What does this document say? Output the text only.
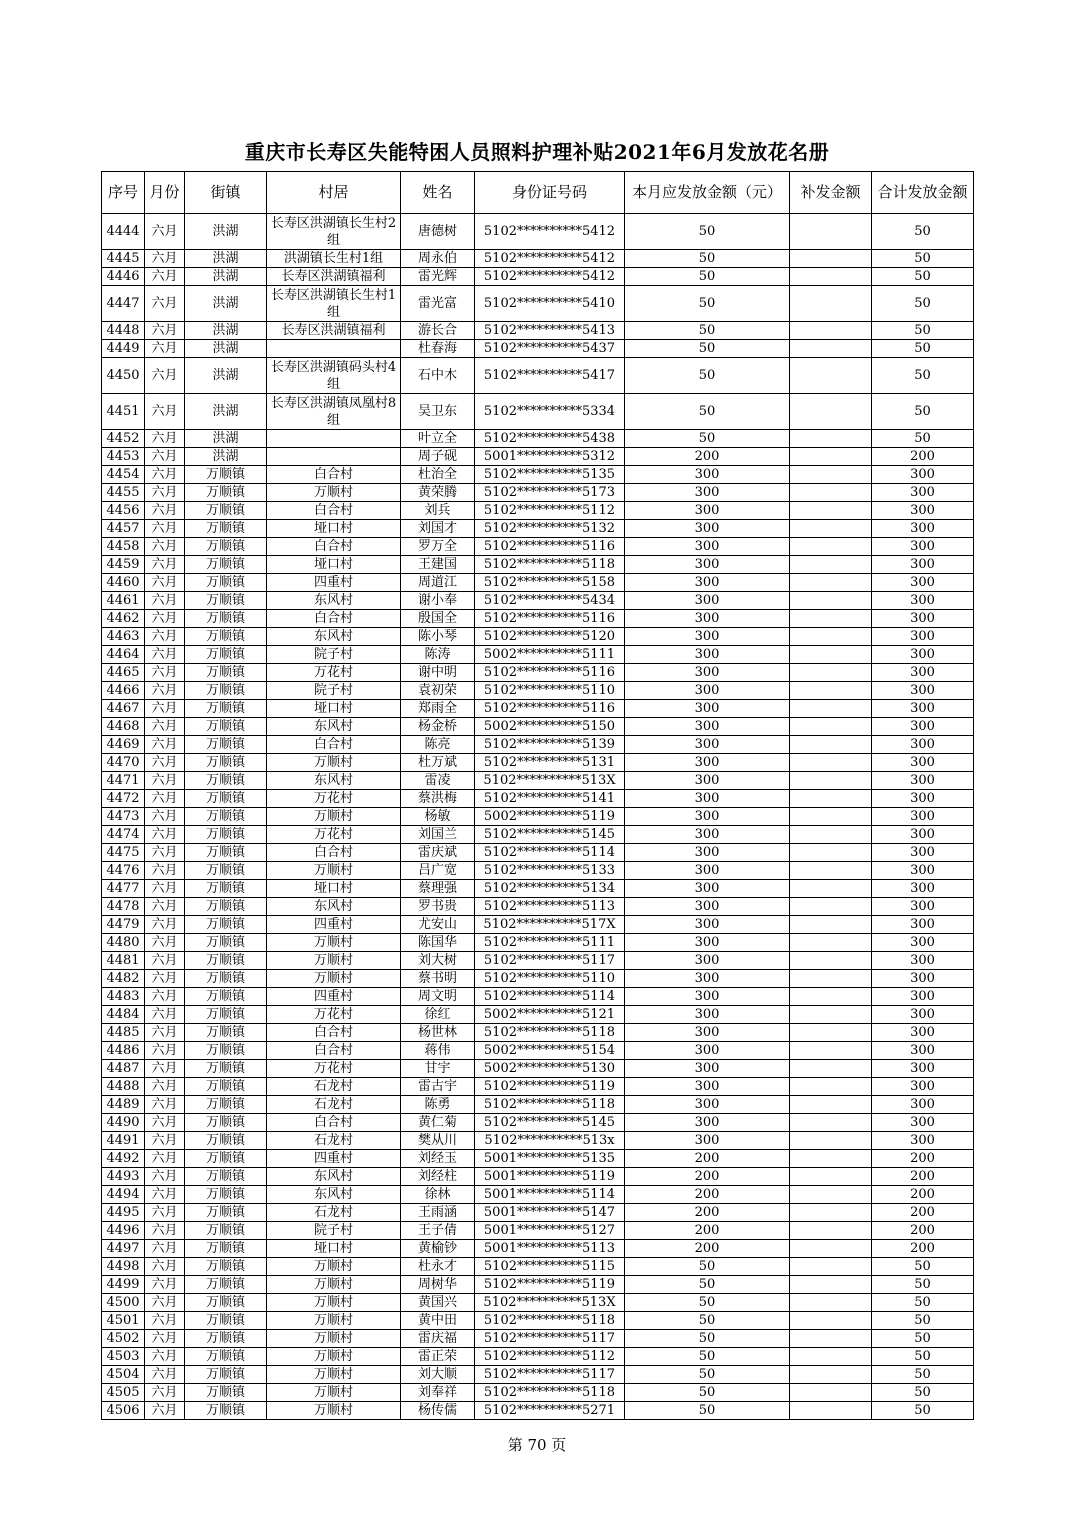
重庆市长寿区失能特困人员照料护理补贴2021年6月发放花名册
序号	月份	街镇	村居	姓名	身份证号码	本月应发放金额（元）	补发金额	合计发放金额
4444	六月	洪湖	长寿区洪湖镇长生村2组	唐德树	5102**********5412	50		50
4445	六月	洪湖	洪湖镇长生村1组	周永伯	5102**********5412	50		50
4446	六月	洪湖	长寿区洪湖镇福利	雷光辉	5102**********5412	50		50
4447	六月	洪湖	长寿区洪湖镇长生村1组	雷光富	5102**********5410	50		50
4448	六月	洪湖	长寿区洪湖镇福利	游长合	5102**********5413	50		50
4449	六月	洪湖		杜春海	5102**********5437	50		50
4450	六月	洪湖	长寿区洪湖镇码头村4组	石中木	5102**********5417	50		50
4451	六月	洪湖	长寿区洪湖镇凤凰村8组	吴卫东	5102**********5334	50		50
4452	六月	洪湖		叶立全	5102**********5438	50		50
4453	六月	洪湖		周子砚	5001**********5312	200		200
4454	六月	万顺镇	白合村	杜治全	5102**********5135	300		300
4455	六月	万顺镇	万顺村	黄荣腾	5102**********5173	300		300
4456	六月	万顺镇	白合村	刘兵	5102**********5112	300		300
4457	六月	万顺镇	垭口村	刘国才	5102**********5132	300		300
4458	六月	万顺镇	白合村	罗万全	5102**********5116	300		300
4459	六月	万顺镇	垭口村	王建国	5102**********5118	300		300
4460	六月	万顺镇	四重村	周道江	5102**********5158	300		300
4461	六月	万顺镇	东风村	谢小奉	5102**********5434	300		300
4462	六月	万顺镇	白合村	殷国全	5102**********5116	300		300
4463	六月	万顺镇	东风村	陈小琴	5102**********5120	300		300
4464	六月	万顺镇	院子村	陈涛	5002**********5111	300		300
4465	六月	万顺镇	万花村	谢中明	5102**********5116	300		300
4466	六月	万顺镇	院子村	袁初荣	5102**********5110	300		300
4467	六月	万顺镇	垭口村	郑雨全	5102**********5116	300		300
4468	六月	万顺镇	东风村	杨金桥	5002**********5150	300		300
4469	六月	万顺镇	白合村	陈亮	5102**********5139	300		300
4470	六月	万顺镇	万顺村	杜万斌	5102**********5131	300		300
4471	六月	万顺镇	东风村	雷凌	5102**********513X	300		300
4472	六月	万顺镇	万花村	蔡洪梅	5102**********5141	300		300
4473	六月	万顺镇	万顺村	杨敏	5002**********5119	300		300
4474	六月	万顺镇	万花村	刘国兰	5102**********5145	300		300
4475	六月	万顺镇	白合村	雷庆斌	5102**********5114	300		300
4476	六月	万顺镇	万顺村	吕广宽	5102**********5133	300		300
4477	六月	万顺镇	垭口村	蔡理强	5102**********5134	300		300
4478	六月	万顺镇	东风村	罗书贵	5102**********5113	300		300
4479	六月	万顺镇	四重村	尤安山	5102**********517X	300		300
4480	六月	万顺镇	万顺村	陈国华	5102**********5111	300		300
4481	六月	万顺镇	万顺村	刘大树	5102**********5117	300		300
4482	六月	万顺镇	万顺村	蔡书明	5102**********5110	300		300
4483	六月	万顺镇	四重村	周文明	5102**********5114	300		300
4484	六月	万顺镇	万花村	徐红	5002**********5121	300		300
4485	六月	万顺镇	白合村	杨世林	5102**********5118	300		300
4486	六月	万顺镇	白合村	蒋伟	5002**********5154	300		300
4487	六月	万顺镇	万花村	甘宇	5002**********5130	300		300
4488	六月	万顺镇	石龙村	雷古宇	5102**********5119	300		300
4489	六月	万顺镇	石龙村	陈勇	5102**********5118	300		300
4490	六月	万顺镇	白合村	黄仁菊	5102**********5145	300		300
4491	六月	万顺镇	石龙村	樊从川	5102**********513x	300		300
4492	六月	万顺镇	四重村	刘经玉	5001**********5135	200		200
4493	六月	万顺镇	东风村	刘经柱	5001**********5119	200		200
4494	六月	万顺镇	东风村	徐林	5001**********5114	200		200
4495	六月	万顺镇	石龙村	王雨涵	5001**********5147	200		200
4496	六月	万顺镇	院子村	王子倩	5001**********5127	200		200
4497	六月	万顺镇	垭口村	黄榆钞	5001**********5113	200		200
4498	六月	万顺镇	万顺村	杜永才	5102**********5115	50		50
4499	六月	万顺镇	万顺村	周树华	5102**********5119	50		50
4500	六月	万顺镇	万顺村	黄国兴	5102**********513X	50		50
4501	六月	万顺镇	万顺村	黄中田	5102**********5118	50		50
4502	六月	万顺镇	万顺村	雷庆福	5102**********5117	50		50
4503	六月	万顺镇	万顺村	雷正荣	5102**********5112	50		50
4504	六月	万顺镇	万顺村	刘大顺	5102**********5117	50		50
4505	六月	万顺镇	万顺村	刘奉祥	5102**********5118	50		50
4506	六月	万顺镇	万顺村	杨传儒	5102**********5271	50		50
第 70 页
